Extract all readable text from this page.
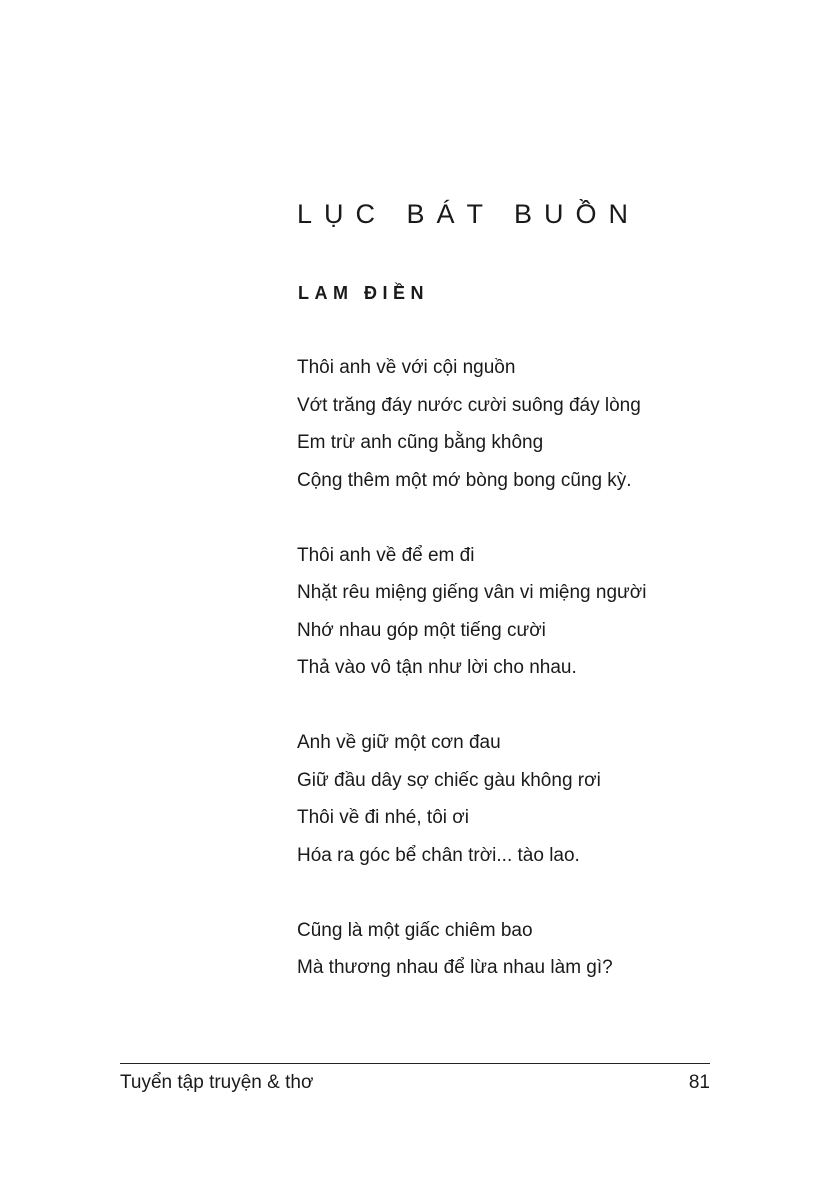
LỤC BÁT BUỒN
LAM ĐIỀN
Thôi anh về với cội nguồn
Vớt trăng đáy nước cười suông đáy lòng
Em trừ anh cũng bằng không
Cộng thêm một mớ bòng bong cũng kỳ.
Thôi anh về để em đi
Nhặt rêu miệng giếng vân vi miệng người
Nhớ nhau góp một tiếng cười
Thả vào vô tận như lời cho nhau.
Anh về giữ một cơn đau
Giữ đầu dây sợ chiếc gàu không rơi
Thôi về đi nhé, tôi ơi
Hóa ra góc bể chân trời... tào lao.
Cũng là một giấc chiêm bao
Mà thương nhau để lừa nhau làm gì?
Tuyển tập truyện & thơ	81
